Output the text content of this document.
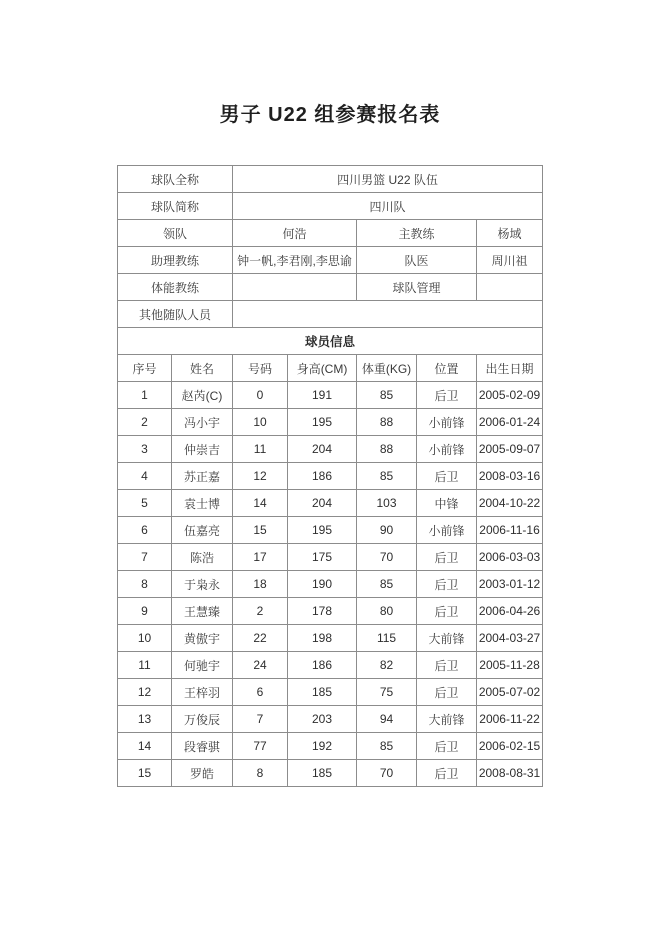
男子 U22 组参赛报名表
球队全称		四川男篮 U22 队伍				
球队简称		四川队				
领队		何浩		主教练		杨域
助理教练		钟一帆,李君刚,李思谕		队医		周川祖
体能教练				球队管理		
其他随队人员						
球员信息						
序号	姓名	号码	身高(CM)	体重(KG)	位置	出生日期
1	赵芮(C)	0	191	85	后卫	2005-02-09
2	冯小宇	10	195	88	小前锋	2006-01-24
3	仲崇吉	11	204	88	小前锋	2005-09-07
4	苏正嘉	12	186	85	后卫	2008-03-16
5	袁士博	14	204	103	中锋	2004-10-22
6	伍嘉亮	15	195	90	小前锋	2006-11-16
7	陈浩	17	175	70	后卫	2006-03-03
8	于枭永	18	190	85	后卫	2003-01-12
9	王慧臻	2	178	80	后卫	2006-04-26
10	黄傲宇	22	198	115	大前锋	2004-03-27
11	何驰宇	24	186	82	后卫	2005-11-28
12	王梓羽	6	185	75	后卫	2005-07-02
13	万俊辰	7	203	94	大前锋	2006-11-22
14	段睿骐	77	192	85	后卫	2006-02-15
15	罗皓	8	185	70	后卫	2008-08-31
